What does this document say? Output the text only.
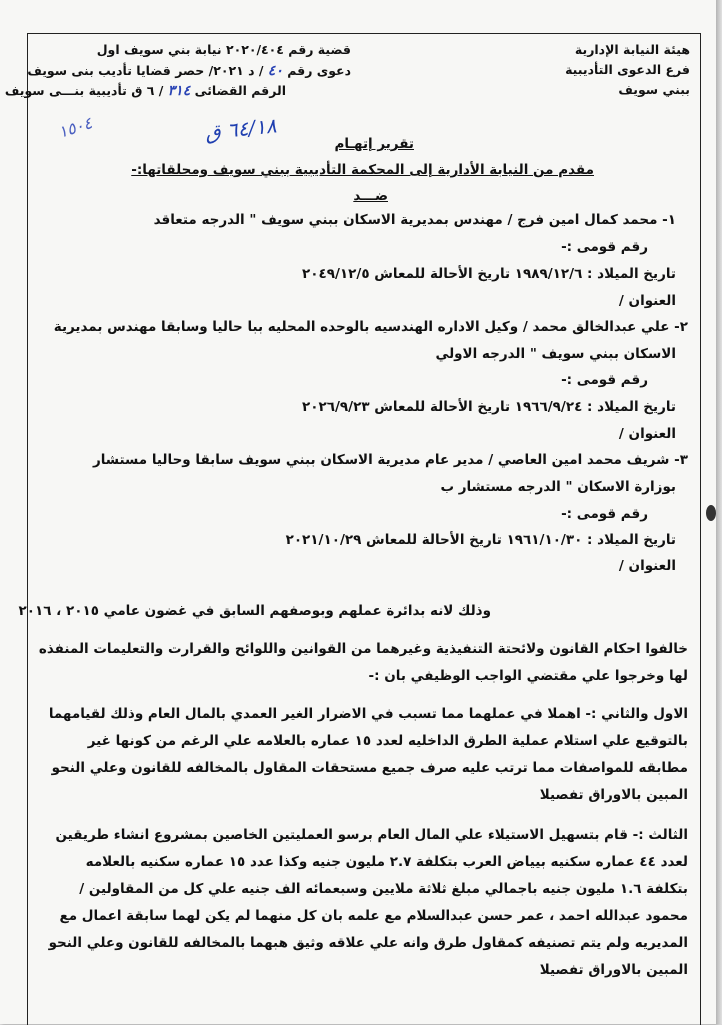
هيئة النيابة الإدارية
فرع الدعوى التأديبية
ببني سويف
قضية رقم ٢٠٢٠/٤٠٤ نيابة بني سويف اول
دعوى رقم ٤٠ / د ٢٠٢١/ حصر قضايا تأديب بنى سويف
الرقم القضائى ٣١٤ / ٦ ق تأديبية بنـــى سويف
٦٤/١٨ ق
١٥٠٤
تقرير إتهـام
مقدم من النيابة الأدارية إلى المحكمة التأديبية ببني سويف ومحلقاتها:-
ضـــد
١- محمد كمال امين فرج / مهندس بمديرية الاسكان ببني سويف " الدرجه متعاقد
رقم قومى :-
تاريخ الميلاد : ١٩٨٩/١٢/٦ تاريخ الأحالة للمعاش ٢٠٤٩/١٢/٥
العنوان /
٢- علي عبدالخالق محمد / وكيل الاداره الهندسيه بالوحده المحليه ببا حاليا وسابقا مهندس بمديرية
الاسكان ببني سويف " الدرجه الاولي
رقم قومى :-
تاريخ الميلاد : ١٩٦٦/٩/٢٤ تاريخ الأحالة للمعاش ٢٠٢٦/٩/٢٣
العنوان /
٣- شريف محمد امين العاصي / مدير عام مديرية الاسكان ببني سويف سابقا وحاليا مستشار
بوزارة الاسكان " الدرجه مستشار ب
رقم قومى :-
تاريخ الميلاد : ١٩٦١/١٠/٣٠ تاريخ الأحالة للمعاش ٢٠٢١/١٠/٢٩
العنوان /
وذلك لانه بدائرة عملهم وبوصفهم السابق في غضون عامي ٢٠١٥ ، ٢٠١٦
خالفوا احكام القانون ولائحتة التنفيذية وغيرهما من القوانين واللوائح والقرارت والتعليمات المنفذه
لها وخرجوا علي مقتضي الواجب الوظيفي بان :-
الاول والثاني :- اهملا في عملهما مما تسبب في الاضرار الغير العمدي بالمال العام وذلك لقيامهما
بالتوقيع علي استلام عملية الطرق الداخليه لعدد ١٥ عماره بالعلامه علي الرغم من كونها غير
مطابقه للمواصفات مما ترتب عليه صرف جميع مستحقات المقاول بالمخالفه للقانون وعلي النحو
المبين بالاوراق تفصيلا
الثالث :- قام بتسهيل الاستيلاء علي المال العام برسو العمليتين الخاصين بمشروع انشاء طريقين
لعدد ٤٤ عماره سكنيه بيياض العرب بتكلفة ٢.٧ مليون جنيه وكذا عدد ١٥ عماره سكنيه بالعلامه
بتكلفة ١.٦ مليون جنيه باجمالي مبلغ ثلاثة ملايين وسبعمائه الف جنيه علي كل من المقاولين /
محمود عبدالله احمد ، عمر حسن عبدالسلام مع علمه بان كل منهما لم يكن لهما سابقة اعمال مع
المديريه ولم يتم تصنيفه كمقاول طرق وانه علي علاقه وثيق هبهما بالمخالفه للقانون وعلي النحو
المبين بالاوراق تفصيلا
